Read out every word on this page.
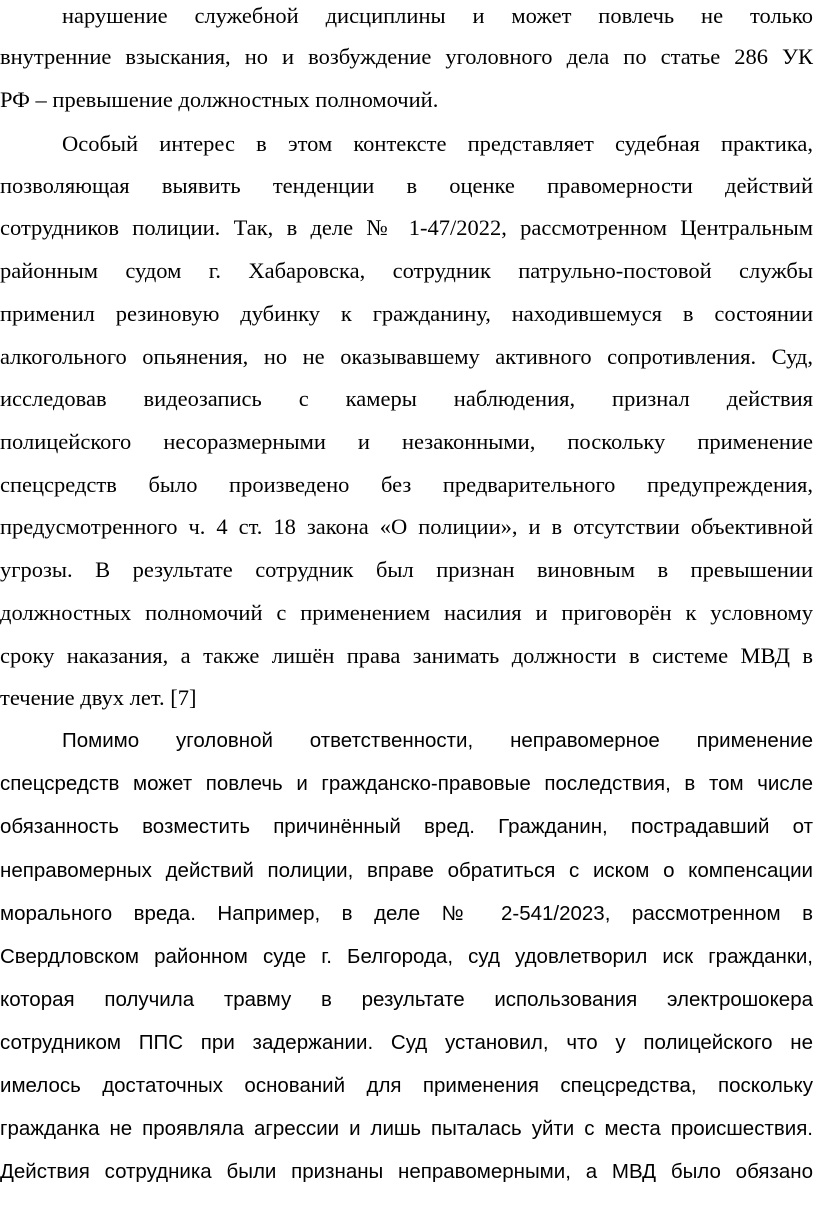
нарушение служебной дисциплины и может повлечь не только
внутренние взыскания, но и возбуждение уголовного дела по статье 286 УК
РФ – превышение должностных полномочий.
Особый интерес в этом контексте представляет судебная практика,
позволяющая выявить тенденции в оценке правомерности действий
сотрудников полиции. Так, в деле № 1-47/2022, рассмотренном Центральным
районным судом г. Хабаровска, сотрудник патрульно-постовой службы
применил резиновую дубинку к гражданину, находившемуся в состоянии
алкогольного опьянения, но не оказывавшему активного сопротивления. Суд,
исследовав видеозапись с камеры наблюдения, признал действия
полицейского несоразмерными и незаконными, поскольку применение
спецсредств было произведено без предварительного предупреждения,
предусмотренного ч. 4 ст. 18 закона «О полиции», и в отсутствии объективной
угрозы. В результате сотрудник был признан виновным в превышении
должностных полномочий с применением насилия и приговорён к условному
сроку наказания, а также лишён права занимать должности в системе МВД в
течение двух лет. [7]
Помимо уголовной ответственности, неправомерное применение
спецсредств может повлечь и гражданско-правовые последствия, в том числе
обязанность возместить причинённый вред. Гражданин, пострадавший от
неправомерных действий полиции, вправе обратиться с иском о компенсации
морального вреда. Например, в деле № 2-541/2023, рассмотренном в
Свердловском районном суде г. Белгорода, суд удовлетворил иск гражданки,
которая получила травму в результате использования электрошокера
сотрудником ППС при задержании. Суд установил, что у полицейского не
имелось достаточных оснований для применения спецсредства, поскольку
гражданка не проявляла агрессии и лишь пыталась уйти с места происшествия.
Действия сотрудника были признаны неправомерными, а МВД было обязано
